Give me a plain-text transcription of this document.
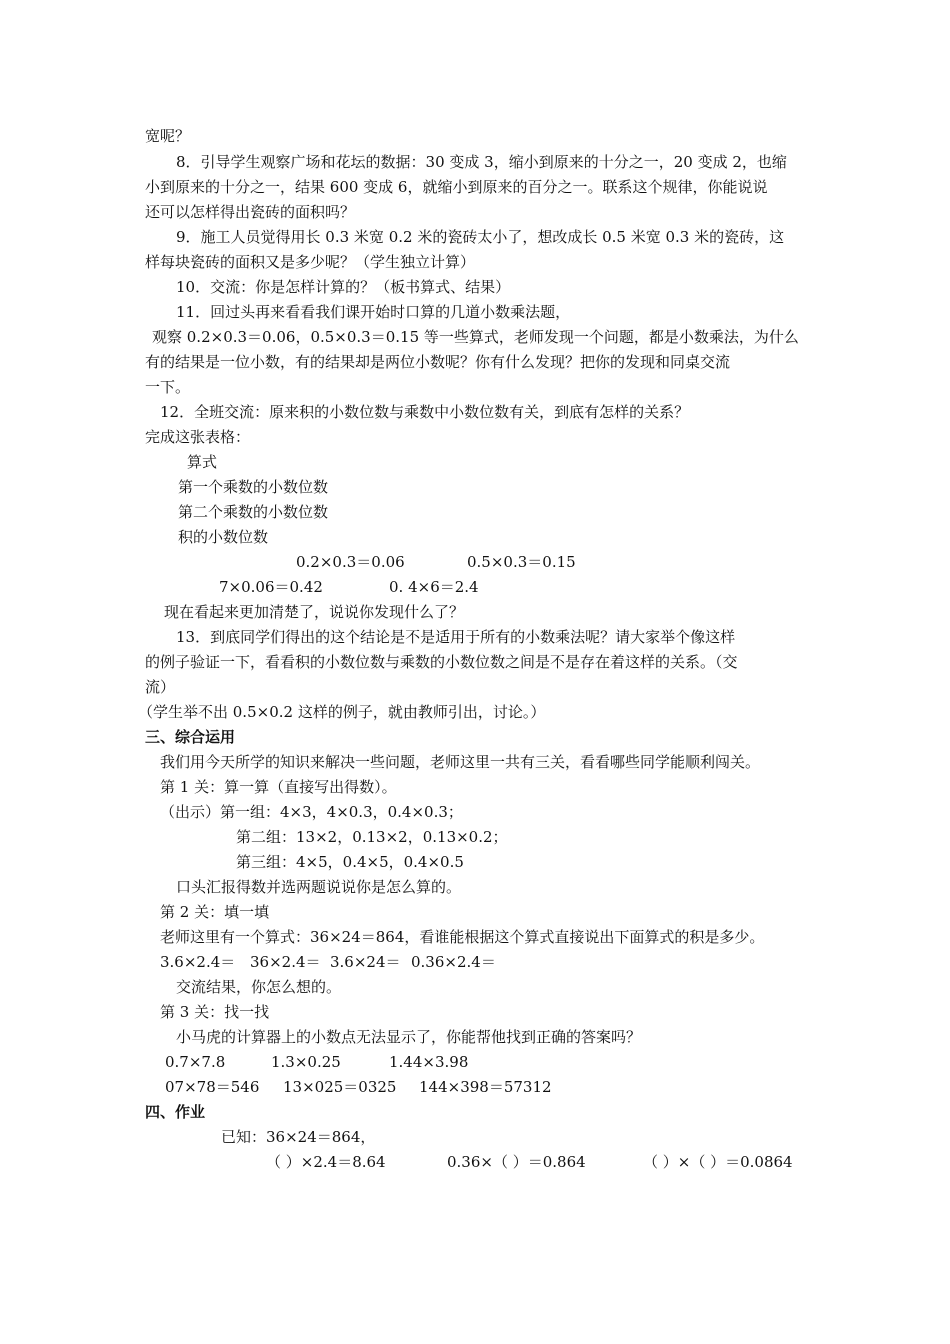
宽呢？
8．引导学生观察广场和花坛的数据：30 变成 3，缩小到原来的十分之一，20 变成 2，也缩
小到原来的十分之一，结果 600 变成 6，就缩小到原来的百分之一。联系这个规律，你能说说
还可以怎样得出瓷砖的面积吗？
9．施工人员觉得用长 0.3 米宽 0.2 米的瓷砖太小了，想改成长 0.5 米宽 0.3 米的瓷砖，这
样每块瓷砖的面积又是多少呢？（学生独立计算）
10．交流：你是怎样计算的？（板书算式、结果）
11．回过头再来看看我们课开始时口算的几道小数乘法题，
观察 0.2×0.3＝0.06，0.5×0.3＝0.15 等一些算式，老师发现一个问题，都是小数乘法，为什么
有的结果是一位小数，有的结果却是两位小数呢？你有什么发现？把你的发现和同桌交流
一下。
12．全班交流：原来积的小数位数与乘数中小数位数有关，到底有怎样的关系？
完成这张表格：
算式
第一个乘数的小数位数
第二个乘数的小数位数
积的小数位数
0.2×0.3＝0.06	0.5×0.3＝0.15
7×0.06＝0.42	0. 4×6＝2.4
现在看起来更加清楚了，说说你发现什么了？
13．到底同学们得出的这个结论是不是适用于所有的小数乘法呢？请大家举个像这样
的例子验证一下，看看积的小数位数与乘数的小数位数之间是不是存在着这样的关系。（交
流）
（学生举不出 0.5×0.2 这样的例子，就由教师引出，讨论。）
三、综合运用
我们用今天所学的知识来解决一些问题，老师这里一共有三关，看看哪些同学能顺利闯关。
第 1 关：算一算（直接写出得数）。
（出示）第一组：4×3，4×0.3，0.4×0.3；
第二组：13×2，0.13×2，0.13×0.2；
第三组：4×5，0.4×5，0.4×0.5
口头汇报得数并选两题说说你是怎么算的。
第 2 关：填一填
老师这里有一个算式：36×24＝864，看谁能根据这个算式直接说出下面算式的积是多少。
3.6×2.4＝ 36×2.4＝ 3.6×24＝ 0.36×2.4＝
交流结果，你怎么想的。
第 3 关：找一找
小马虎的计算器上的小数点无法显示了，你能帮他找到正确的答案吗？
0.7×7.8	1.3×0.25	1.44×3.98
07×78＝546 13×025＝0325 144×398＝57312
四、作业
已知：36×24＝864，
（ ）×2.4＝8.64	0.36×（ ）＝0.864	（ ）×（ ）＝0.0864
